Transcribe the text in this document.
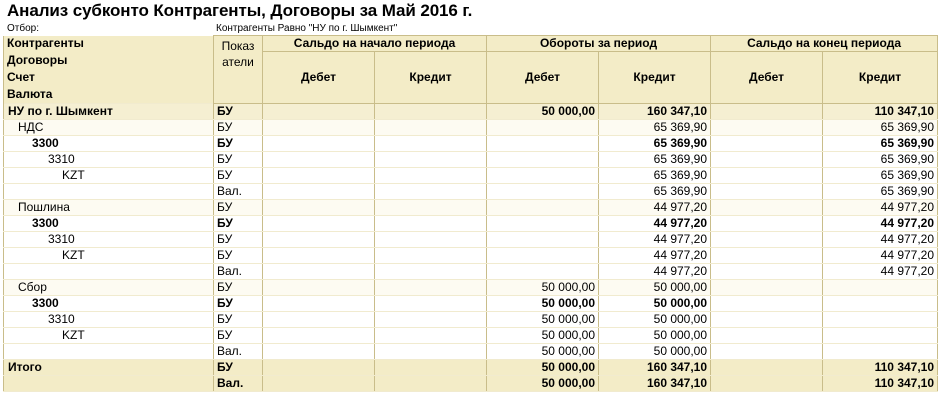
Анализ субконто Контрагенты, Договоры за Май 2016 г.
Отбор:	Контрагенты Равно "НУ по г. Шымкент"
Контрагенты	Показ атели	Сальдо на начало периода		Обороты за период		Сальдо на конец периода	
Договоры		Дебет	Кредит	Дебет	Кредит	Дебет	Кредит
Счет							
Валюта							
НУ по г. Шымкент	БУ			50 000,00	160 347,10		110 347,10
НДС	БУ				65 369,90		65 369,90
3300	БУ				65 369,90		65 369,90
3310	БУ				65 369,90		65 369,90
KZT	БУ				65 369,90		65 369,90
	Вал.				65 369,90		65 369,90
Пошлина	БУ				44 977,20		44 977,20
3300	БУ				44 977,20		44 977,20
3310	БУ				44 977,20		44 977,20
KZT	БУ				44 977,20		44 977,20
	Вал.				44 977,20		44 977,20
Сбор	БУ			50 000,00	50 000,00		
3300	БУ			50 000,00	50 000,00		
3310	БУ			50 000,00	50 000,00		
KZT	БУ			50 000,00	50 000,00		
	Вал.			50 000,00	50 000,00		
Итого	БУ			50 000,00	160 347,10		110 347,10
	Вал.			50 000,00	160 347,10		110 347,10
